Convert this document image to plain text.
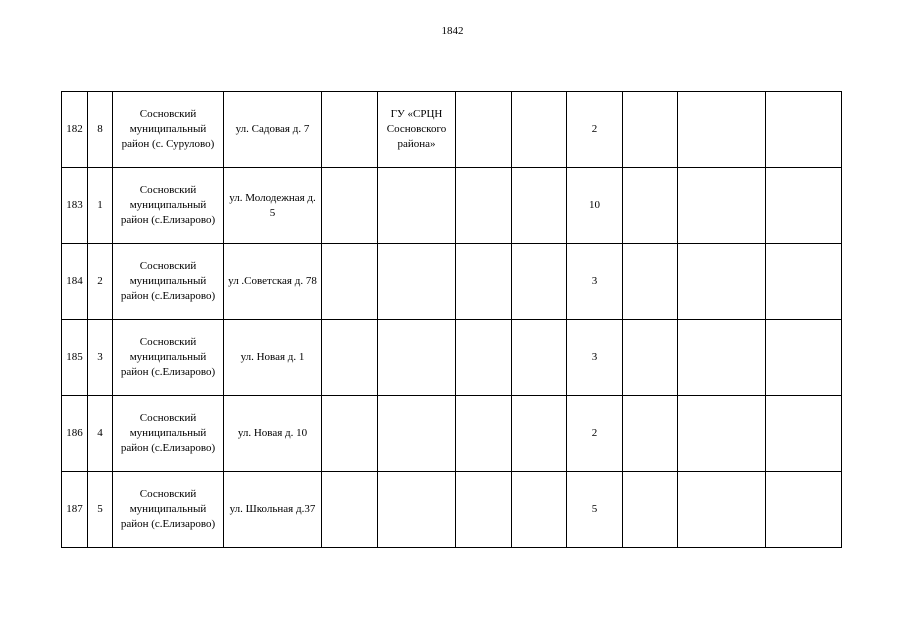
1842
182	8	Сосновский муниципальный район (с. Сурулово)	ул. Садовая д. 7		ГУ «СРЦН Сосновского района»			2			
183	1	Сосновский муниципальный район (с.Елизарово)	ул. Молодежная д. 5					10			
184	2	Сосновский муниципальный район (с.Елизарово)	ул .Советская д. 78					3			
185	3	Сосновский муниципальный район (с.Елизарово)	ул. Новая д. 1					3			
186	4	Сосновский муниципальный район (с.Елизарово)	ул. Новая д. 10					2			
187	5	Сосновский муниципальный район (с.Елизарово)	ул. Школьная д.37					5			
